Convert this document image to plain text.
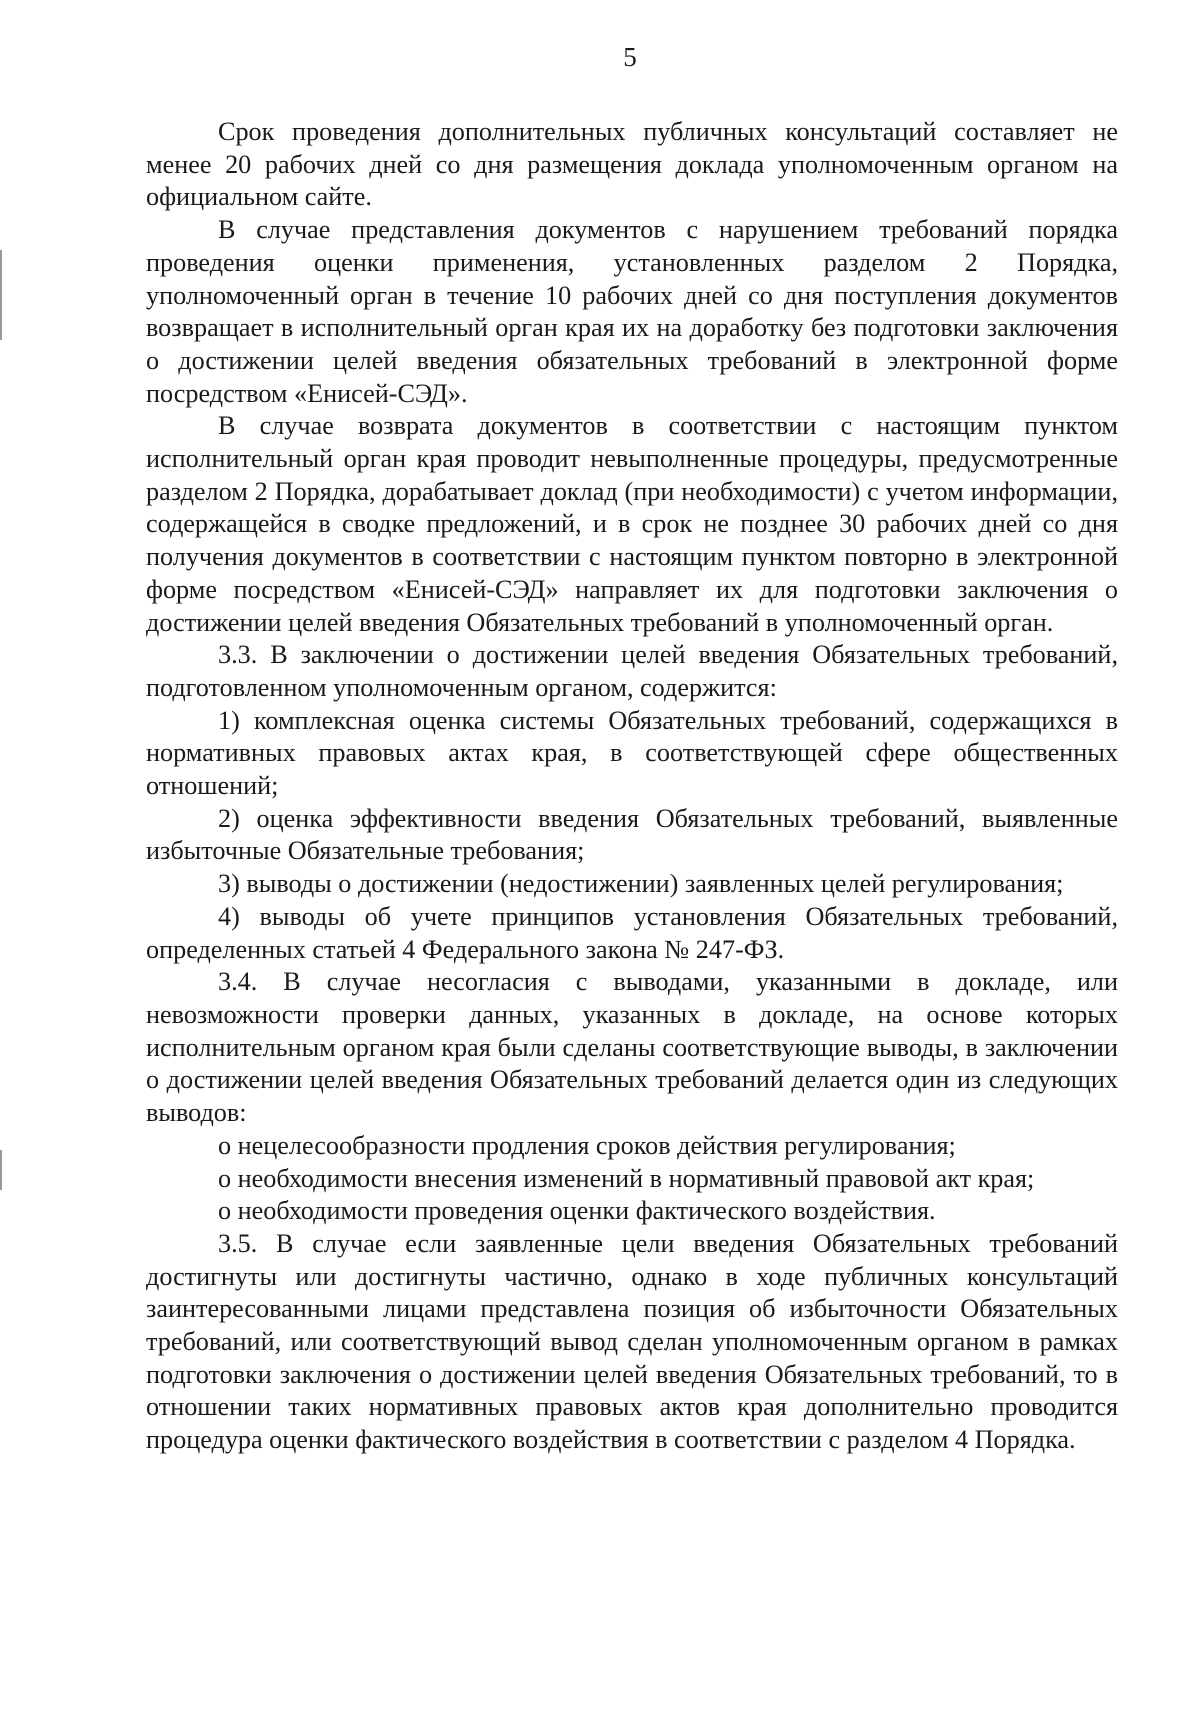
5

Срок проведения дополнительных публичных консультаций составляет не менее 20 рабочих дней со дня размещения доклада уполномоченным органом на официальном сайте.

В случае представления документов с нарушением требований порядка проведения оценки применения, установленных разделом 2 Порядка, уполномоченный орган в течение 10 рабочих дней со дня поступления документов возвращает в исполнительный орган края их на доработку без подготовки заключения о достижении целей введения обязательных требований в электронной форме посредством «Енисей-СЭД».

В случае возврата документов в соответствии с настоящим пунктом исполнительный орган края проводит невыполненные процедуры, предусмотренные разделом 2 Порядка, дорабатывает доклад (при необходимости) с учетом информации, содержащейся в сводке предложений, и в срок не позднее 30 рабочих дней со дня получения документов в соответствии с настоящим пунктом повторно в электронной форме посредством «Енисей-СЭД» направляет их для подготовки заключения о достижении целей введения Обязательных требований в уполномоченный орган.

3.3. В заключении о достижении целей введения Обязательных требований, подготовленном уполномоченным органом, содержится:

1) комплексная оценка системы Обязательных требований, содержащихся в нормативных правовых актах края, в соответствующей сфере общественных отношений;

2) оценка эффективности введения Обязательных требований, выявленные избыточные Обязательные требования;

3) выводы о достижении (недостижении) заявленных целей регулирования;

4) выводы об учете принципов установления Обязательных требований, определенных статьей 4 Федерального закона № 247-ФЗ.

3.4. В случае несогласия с выводами, указанными в докладе, или невозможности проверки данных, указанных в докладе, на основе которых исполнительным органом края были сделаны соответствующие выводы, в заключении о достижении целей введения Обязательных требований делается один из следующих выводов:

о нецелесообразности продления сроков действия регулирования;

о необходимости внесения изменений в нормативный правовой акт края;

о необходимости проведения оценки фактического воздействия.

3.5. В случае если заявленные цели введения Обязательных требований достигнуты или достигнуты частично, однако в ходе публичных консультаций заинтересованными лицами представлена позиция об избыточности Обязательных требований, или соответствующий вывод сделан уполномоченным органом в рамках подготовки заключения о достижении целей введения Обязательных требований, то в отношении таких нормативных правовых актов края дополнительно проводится процедура оценки фактического воздействия в соответствии с разделом 4 Порядка.
